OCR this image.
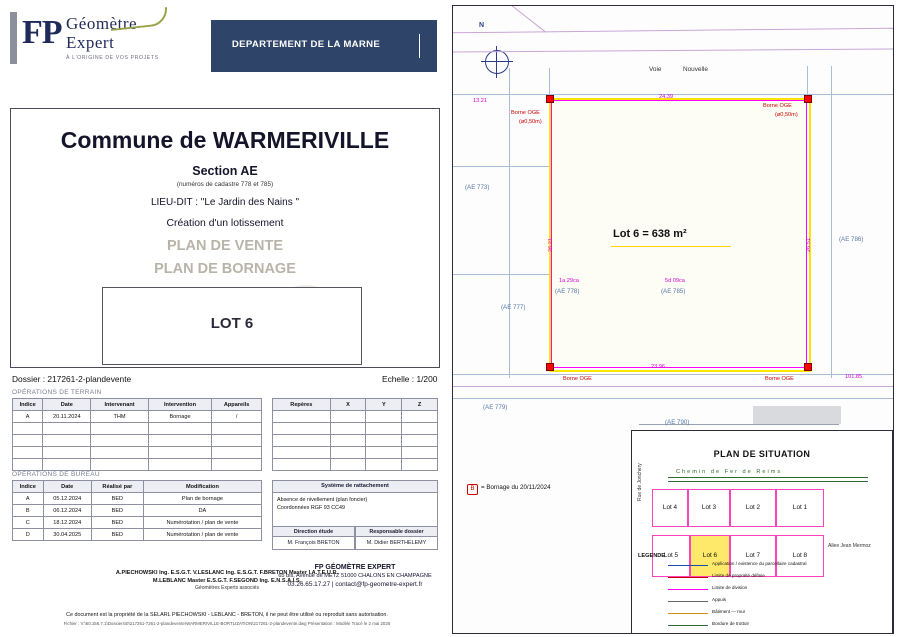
FP Géomètre
Expert
À L'ORIGINE DE VOS PROJETS
DEPARTEMENT DE LA MARNE
Commune de WARMERIVILLE
Section AE
(numéros de cadastre 778 et 785)
LIEU-DIT : "Le Jardin des Nains "
Création d'un lotissement
PLAN DE VENTE
PLAN DE BORNAGE
LOT 6
Dossier : 217261-2-plandevente	Echelle : 1/200
OPÉRATIONS DE TERRAIN
Indice	Date	Intervenant	Intervention	Appareils
A	20.11.2024	THM	Bornage	/

Repères	X	Y	Z

OPÉRATIONS DE BUREAU
Indice	Date	Réalisé par	Modification
A	05.12.2024	BED	Plan de bornage
B	06.12.2024	BED	DA
C	18.12.2024	BED	Numérotation / plan de vente
D	30.04.2025	BED	Numérotation / plan de vente
Système de rattachement
Absence de nivellement (plan foncier)
Coordonnées RGF 93 CC49
Direction étude	Responsable dossier
M. François BRETON	M. Didier BERTHELEMY
FP GÉOMÈTRE EXPERT
65 bis, Avenue de METZ 51000 CHALONS EN CHAMPAGNE
03.26.65.17.27 | contact@fp-geometre-expert.fr
A.PIECHOWSKI Ing. E.S.G.T. V.LESLANC Ing. E.S.G.T. F.BRETON Master I.A.T.E.U.R.
M.LEBLANC Master E.S.G.T. F.SEGOND Ing. E.N.S.A.I.S.
Géomètres Experts associés
Ce document est la propriété de la SELARL PIECHOWSKI - LEBLANC - BRETON, il ne peut être utilisé ou reproduit sans autorisation.
Fichier : V:\60.156.7.1\Dossiers\0\217261-7261-2-plandevente\WARMERIVILLE-BORTLIZATION\217261-2-plandevente.dwg Présentation : Modèle Tracé le 2 mai 2025
N
Lot 6 = 638 m²
Borne OGE
(ø0,50m)
Borne OGE
(ø0,50m)
Borne OGE	Borne OGE
24.39
23.96
26.21	26.51
13.21
101.85
Voie	Nouvelle
(AE 773)
(AE 777)
(AE 779)
(AE 786)
(AE 790)
1a 29ca
(AE 778)
5d 09ca
(AE 785)
B	= Bornage du 20/11/2024
PLAN DE SITUATION
Chemin de Fer de Reims
Lot 4	Lot 3	Lot 2	Lot 1
Lot 5	Lot 6	Lot 7	Lot 8
Rue de Jonchery
Allee Jean Mermoz
LEGENDE
Application / existence du parcellaire cadastral
Limite de propriété définie
Limite de division
Appuis
Bâtiment — mur
Bordure de trottoir
